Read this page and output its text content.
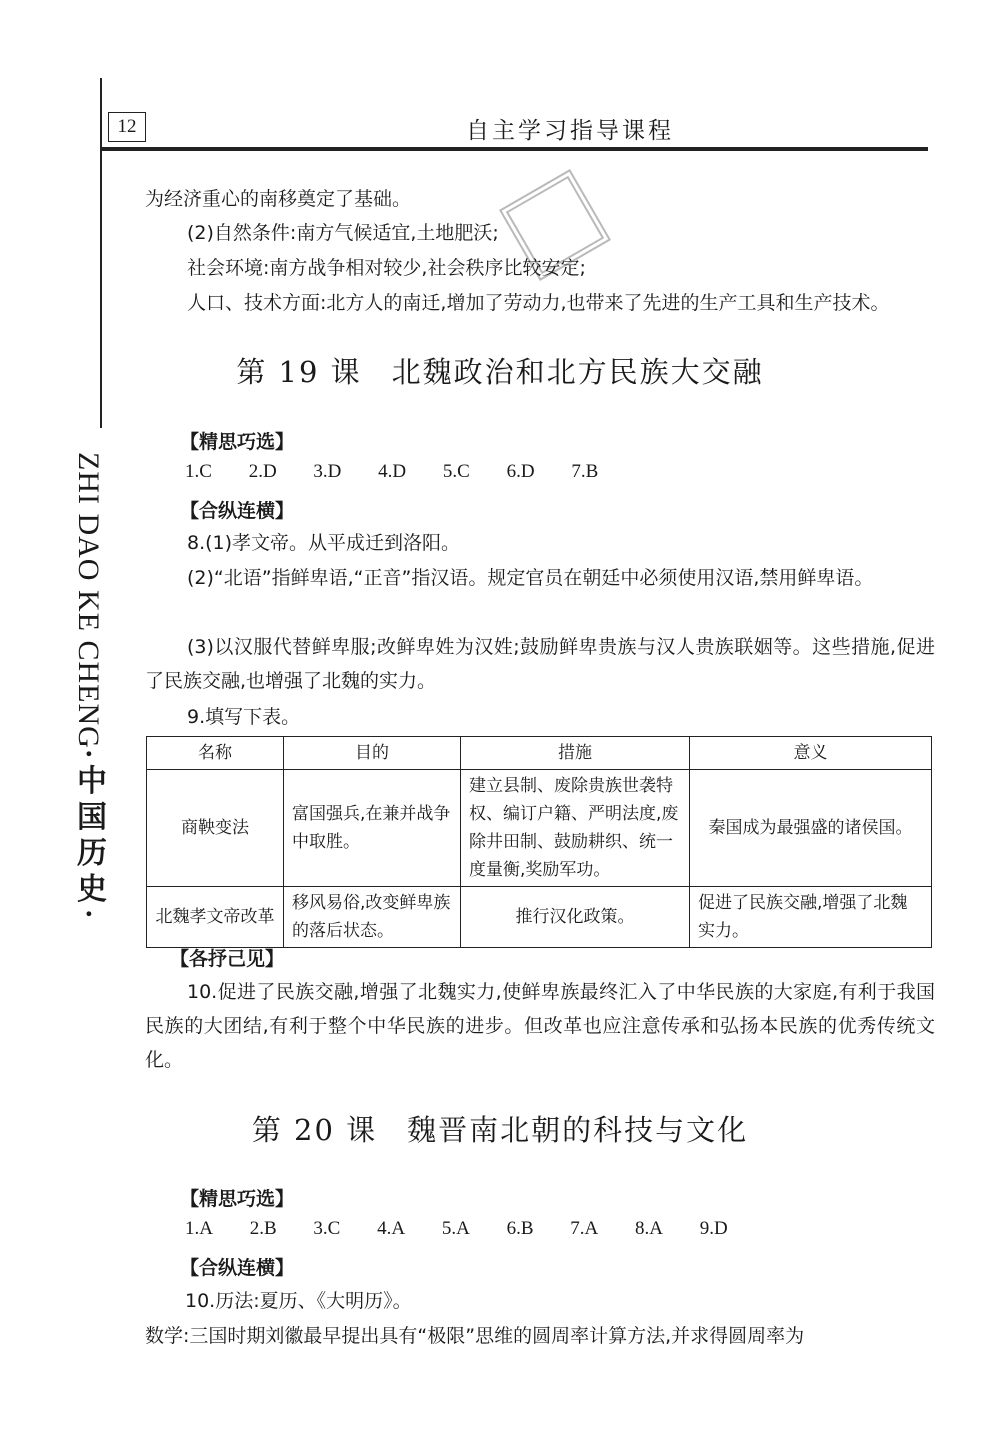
12	自主学习指导课程
ZHI DAO KE CHENG·中国历史·
为经济重心的南移奠定了基础。
(2)自然条件:南方气候适宜,土地肥沃;
社会环境:南方战争相对较少,社会秩序比较安定;
人口、技术方面:北方人的南迁,增加了劳动力,也带来了先进的生产工具和生产技术。
第 19 课 北魏政治和北方民族大交融
【精思巧选】
1.C 2.D 3.D 4.D 5.C 6.D 7.B
【合纵连横】
8.(1)孝文帝。从平成迁到洛阳。
(2)“北语”指鲜卑语,“正音”指汉语。规定官员在朝廷中必须使用汉语,禁用鲜卑语。
(3)以汉服代替鲜卑服;改鲜卑姓为汉姓;鼓励鲜卑贵族与汉人贵族联姻等。这些措施,促进了民族交融,也增强了北魏的实力。
9.填写下表。
名称	目的	措施	意义
商鞅变法	富国强兵,在兼并战争中取胜。	建立县制、废除贵族世袭特权、编订户籍、严明法度,废除井田制、鼓励耕织、统一度量衡,奖励军功。	秦国成为最强盛的诸侯国。
北魏孝文帝改革	移风易俗,改变鲜卑族的落后状态。	推行汉化政策。	促进了民族交融,增强了北魏实力。
【各抒己见】
10.促进了民族交融,增强了北魏实力,使鲜卑族最终汇入了中华民族的大家庭,有利于我国民族的大团结,有利于整个中华民族的进步。但改革也应注意传承和弘扬本民族的优秀传统文化。
第 20 课 魏晋南北朝的科技与文化
【精思巧选】
1.A 2.B 3.C 4.A 5.A 6.B 7.A 8.A 9.D
【合纵连横】
10.历法:夏历、《大明历》。
数学:三国时期刘徽最早提出具有“极限”思维的圆周率计算方法,并求得圆周率为
